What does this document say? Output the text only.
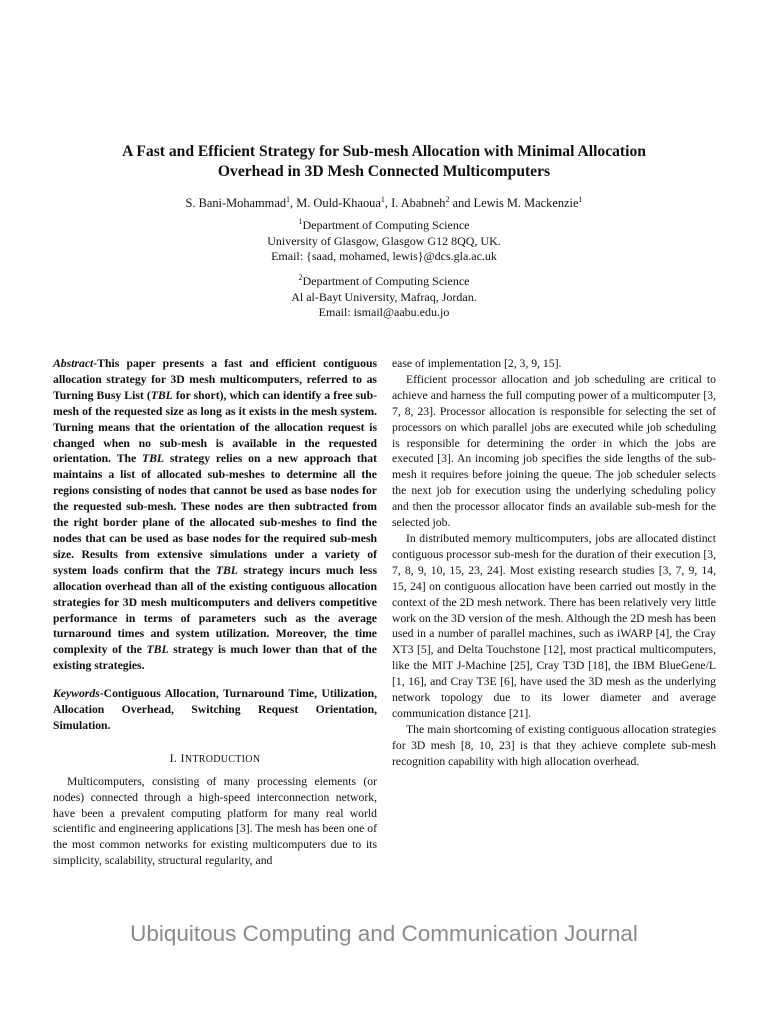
A Fast and Efficient Strategy for Sub-mesh Allocation with Minimal Allocation
Overhead in 3D Mesh Connected Multicomputers
S. Bani-Mohammad$^1$, M. Ould-Khaoua$^1$, I. Ababneh$^2$ and Lewis M. Mackenzie$^1$
$^1$Department of Computing Science
University of Glasgow, Glasgow G12 8QQ, UK.
Email: {saad, mohamed, lewis}@dcs.gla.ac.uk
$^2$Department of Computing Science
Al al-Bayt University, Mafraq, Jordan.
Email: ismail@aabu.edu.jo
Abstract-This paper presents a fast and efficient contiguous allocation strategy for 3D mesh multicomputers, referred to as Turning Busy List (TBL for short), which can identify a free sub-mesh of the requested size as long as it exists in the mesh system. Turning means that the orientation of the allocation request is changed when no sub-mesh is available in the requested orientation. The TBL strategy relies on a new approach that maintains a list of allocated sub-meshes to determine all the regions consisting of nodes that cannot be used as base nodes for the requested sub-mesh. These nodes are then subtracted from the right border plane of the allocated sub-meshes to find the nodes that can be used as base nodes for the required sub-mesh size. Results from extensive simulations under a variety of system loads confirm that the TBL strategy incurs much less allocation overhead than all of the existing contiguous allocation strategies for 3D mesh multicomputers and delivers competitive performance in terms of parameters such as the average turnaround times and system utilization. Moreover, the time complexity of the TBL strategy is much lower than that of the existing strategies.
Keywords-Contiguous Allocation, Turnaround Time, Utilization, Allocation Overhead, Switching Request Orientation, Simulation.
I. INTRODUCTION

Multicomputers, consisting of many processing elements (or nodes) connected through a high-speed interconnection network, have been a prevalent computing platform for many real world scientific and engineering applications [3]. The mesh has been one of the most common networks for existing multicomputers due to its simplicity, scalability, structural regularity, and

ease of implementation [2, 3, 9, 15].

Efficient processor allocation and job scheduling are critical to achieve and harness the full computing power of a multicomputer [3, 7, 8, 23]. Processor allocation is responsible for selecting the set of processors on which parallel jobs are executed while job scheduling is responsible for determining the order in which the jobs are executed [3]. An incoming job specifies the side lengths of the sub-mesh it requires before joining the queue. The job scheduler selects the next job for execution using the underlying scheduling policy and then the processor allocator finds an available sub-mesh for the selected job.

In distributed memory multicomputers, jobs are allocated distinct contiguous processor sub-mesh for the duration of their execution [3, 7, 8, 9, 10, 15, 23, 24]. Most existing research studies [3, 7, 9, 14, 15, 24] on contiguous allocation have been carried out mostly in the context of the 2D mesh network. There has been relatively very little work on the 3D version of the mesh. Although the 2D mesh has been used in a number of parallel machines, such as iWARP [4], the Cray XT3 [5], and Delta Touchstone [12], most practical multicomputers, like the MIT J-Machine [25], Cray T3D [18], the IBM BlueGene/L [1, 16], and Cray T3E [6], have used the 3D mesh as the underlying network topology due to its lower diameter and average communication distance [21].

The main shortcoming of existing contiguous allocation strategies for 3D mesh [8, 10, 23] is that they achieve complete sub-mesh recognition capability with high allocation overhead.

Ubiquitous Computing and Communication Journal
